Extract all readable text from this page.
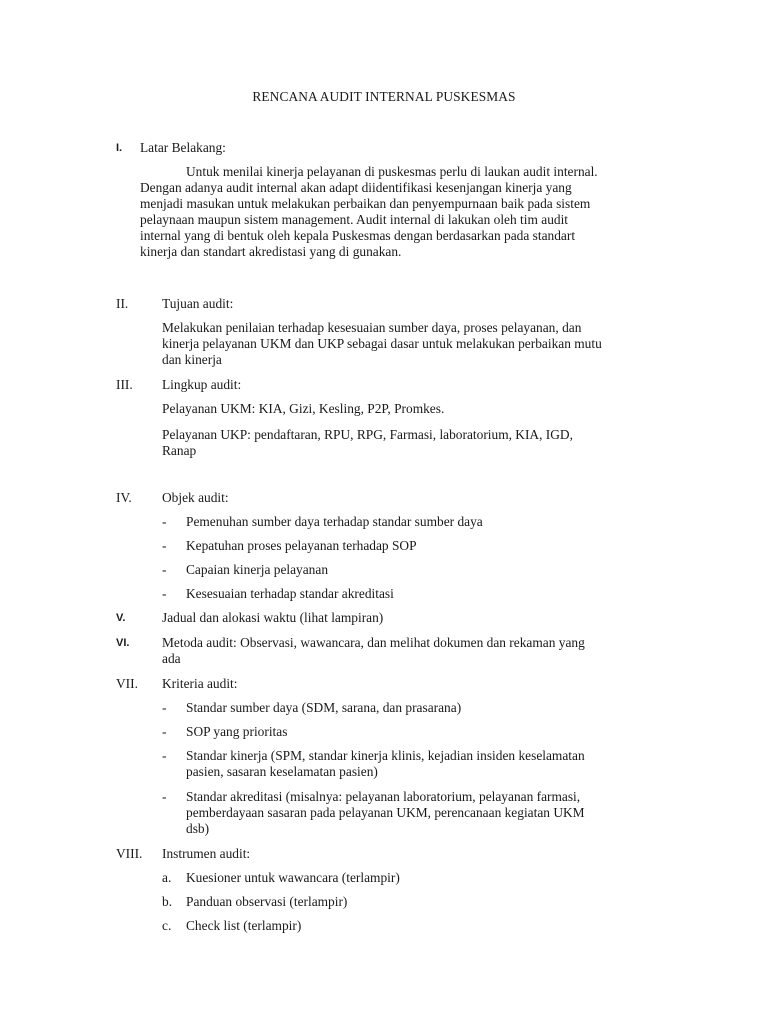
RENCANA AUDIT INTERNAL PUSKESMAS
I. Latar Belakang:
Untuk menilai kinerja pelayanan di puskesmas perlu di laukan audit internal.
Dengan adanya audit internal akan adapt diidentifikasi kesenjangan kinerja yang
menjadi masukan untuk melakukan perbaikan dan penyempurnaan baik pada sistem
pelaynaan maupun sistem management. Audit internal di lakukan oleh tim audit
internal yang di bentuk oleh kepala Puskesmas dengan berdasarkan pada standart
kinerja dan standart akredistasi yang di gunakan.
II.	Tujuan audit:
Melakukan penilaian terhadap kesesuaian sumber daya, proses pelayanan, dan
kinerja pelayanan UKM dan UKP sebagai dasar untuk melakukan perbaikan mutu
dan kinerja
III. Lingkup audit:
Pelayanan UKM: KIA, Gizi, Kesling, P2P, Promkes.
Pelayanan UKP: pendaftaran, RPU, RPG, Farmasi, laboratorium, KIA, IGD,
Ranap
IV. Objek audit:
- Pemenuhan sumber daya terhadap standar sumber daya
- Kepatuhan proses pelayanan terhadap SOP
- Capaian kinerja pelayanan
- Kesesuaian terhadap standar akreditasi
V.	Jadual dan alokasi waktu (lihat lampiran)
VI. Metoda audit: Observasi, wawancara, dan melihat dokumen dan rekaman yang
ada
VII. Kriteria audit:
- Standar sumber daya (SDM, sarana, dan prasarana)
- SOP yang prioritas
- Standar kinerja (SPM, standar kinerja klinis, kejadian insiden keselamatan
pasien, sasaran keselamatan pasien)
- Standar akreditasi (misalnya: pelayanan laboratorium, pelayanan farmasi,
pemberdayaan sasaran pada pelayanan UKM, perencanaan kegiatan UKM
dsb)
VIII. Instrumen audit:
a. Kuesioner untuk wawancara (terlampir)
b. Panduan observasi (terlampir)
c. Check list (terlampir)
